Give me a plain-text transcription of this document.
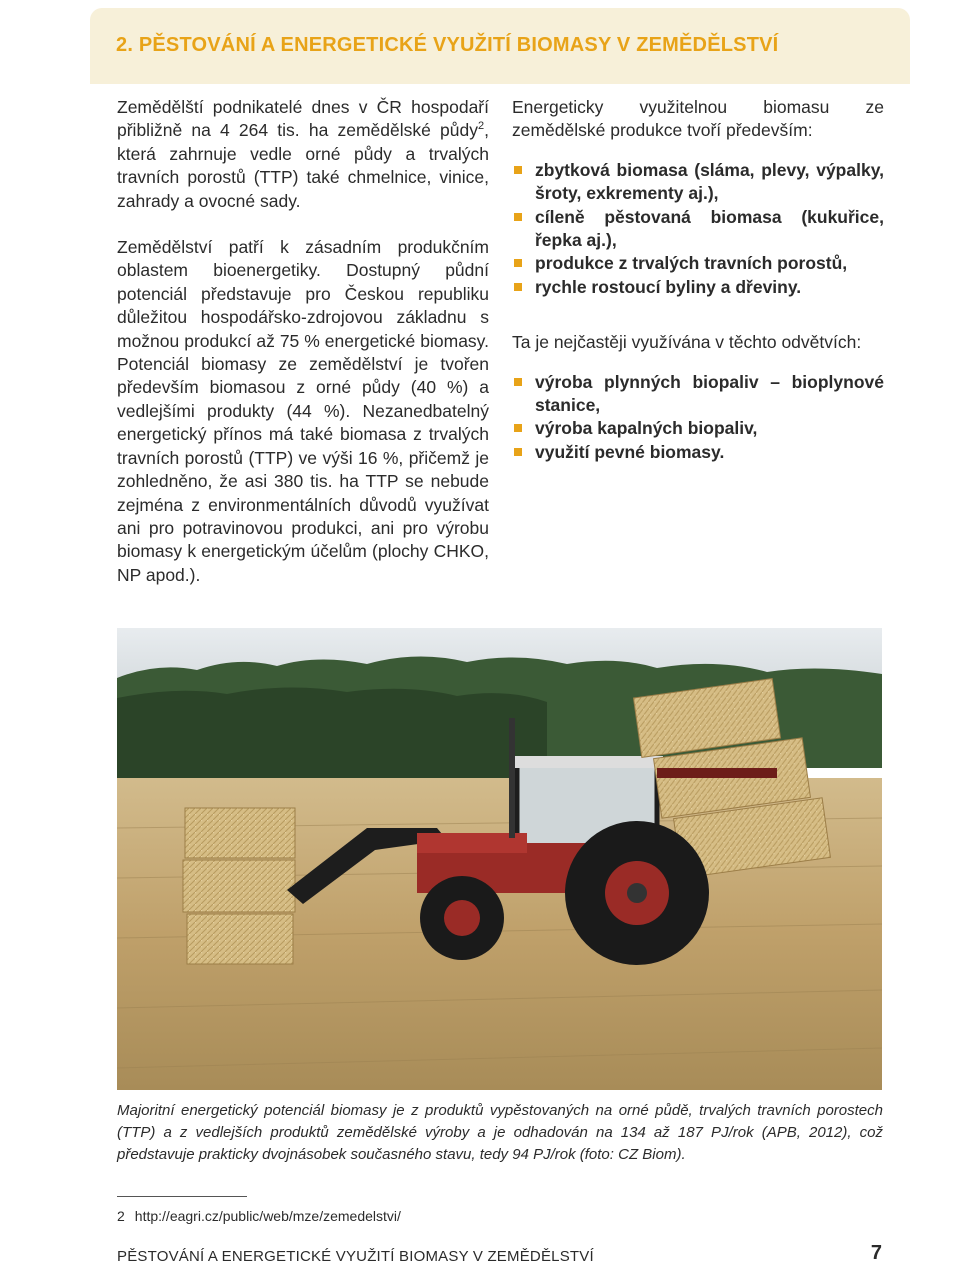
2. PĚSTOVÁNÍ A ENERGETICKÉ VYUŽITÍ BIOMASY V ZEMĚDĚLSTVÍ

Zemědělští podnikatelé dnes v ČR hospodaří přibližně na 4 264 tis. ha zemědělské půdy$^2$, která zahrnuje vedle orné půdy a trvalých travních porostů (TTP) také chmelnice, vinice, zahrady a ovocné sady.

Zemědělství patří k zásadním produkčním oblastem bioenergetiky. Dostupný půdní potenciál představuje pro Českou republiku důležitou hospodářsko-zdrojovou základnu s možnou produkcí až 75 % energetické biomasy. Potenciál biomasy ze zemědělství je tvořen především biomasou z orné půdy (40 %) a vedlejšími produkty (44 %). Nezanedbatelný energetický přínos má také biomasa z trvalých travních porostů (TTP) ve výši 16 %, přičemž je zohledněno, že asi 380 tis. ha TTP se nebude zejména z environmentálních důvodů využívat ani pro potravinovou produkci, ani pro výrobu biomasy k energetickým účelům (plochy CHKO, NP apod.).

Energeticky využitelnou biomasu ze zemědělské produkce tvoří především:

zbytková biomasa (sláma, plevy, výpalky, šroty, exkrementy aj.),
cíleně pěstovaná biomasa (kukuřice, řepka aj.),
produkce z trvalých travních porostů,
rychle rostoucí byliny a dřeviny.

Ta je nejčastěji využívána v těchto odvětvích:

výroba plynných biopaliv – bioplynové stanice,
výroba kapalných biopaliv,
využití pevné biomasy.
Majoritní energetický potenciál biomasy je z produktů vypěstovaných na orné půdě, trvalých travních porostech (TTP) a z vedlejších produktů zemědělské výroby a je odhadován na 134 až 187 PJ/rok (APB, 2012), což představuje prakticky dvojnásobek současného stavu, tedy 94 PJ/rok (foto: CZ Biom).
2 http://eagri.cz/public/web/mze/zemedelstvi/
PĚSTOVÁNÍ A ENERGETICKÉ VYUŽITÍ BIOMASY V ZEMĚDĚLSTVÍ	7
